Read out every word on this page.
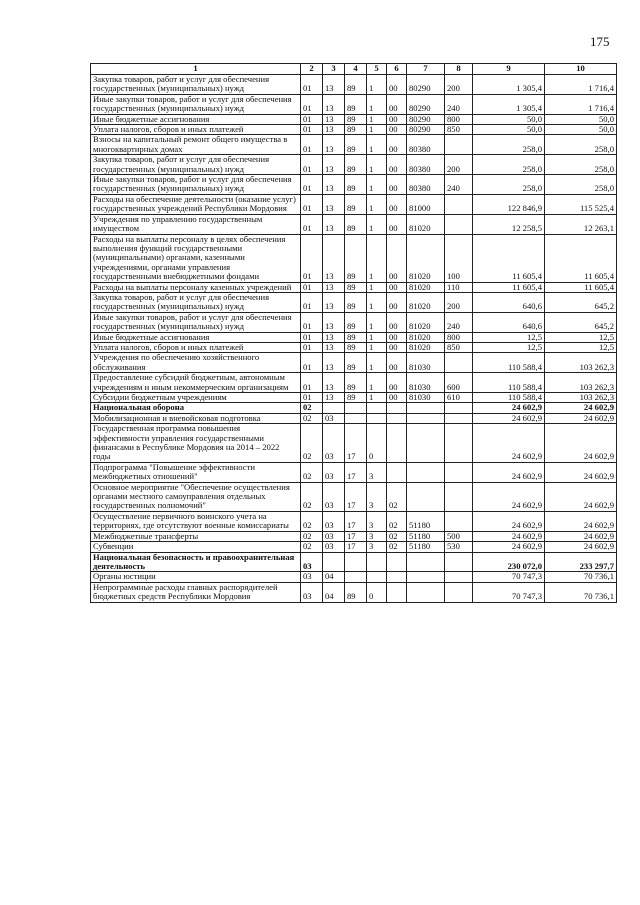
175
1	2	3	4	5	6	7	8	9	10
Закупка товаров, работ и услуг для обеспечения государственных (муниципальных) нужд	01	13	89	1	00	80290	200	1 305,4	1 716,4
Иные закупки товаров, работ и услуг для обеспечения государственных (муниципальных) нужд	01	13	89	1	00	80290	240	1 305,4	1 716,4
Иные бюджетные ассигнования	01	13	89	1	00	80290	800	50,0	50,0
Уплата налогов, сборов и иных платежей	01	13	89	1	00	80290	850	50,0	50,0
Взносы на капитальный ремонт общего имущества в многоквартирных домах	01	13	89	1	00	80380		258,0	258,0
Закупка товаров, работ и услуг для обеспечения государственных (муниципальных) нужд	01	13	89	1	00	80380	200	258,0	258,0
Иные закупки товаров, работ и услуг для обеспечения государственных (муниципальных) нужд	01	13	89	1	00	80380	240	258,0	258,0
Расходы на обеспечение деятельности (оказание услуг) государственных учреждений Республики Мордовия	01	13	89	1	00	81000		122 846,9	115 525,4
Учреждения по управлению государственным имуществом	01	13	89	1	00	81020		12 258,5	12 263,1
Расходы на выплаты персоналу в целях обеспечения выполнения функций государственными (муниципальными) органами, казенными учреждениями, органами управления государственными внебюджетными фондами	01	13	89	1	00	81020	100	11 605,4	11 605,4
Расходы на выплаты персоналу казенных учреждений	01	13	89	1	00	81020	110	11 605,4	11 605,4
Закупка товаров, работ и услуг для обеспечения государственных (муниципальных) нужд	01	13	89	1	00	81020	200	640,6	645,2
Иные закупки товаров, работ и услуг для обеспечения государственных (муниципальных) нужд	01	13	89	1	00	81020	240	640,6	645,2
Иные бюджетные ассигнования	01	13	89	1	00	81020	800	12,5	12,5
Уплата налогов, сборов и иных платежей	01	13	89	1	00	81020	850	12,5	12,5
Учреждения по обеспечению хозяйственного обслуживания	01	13	89	1	00	81030		110 588,4	103 262,3
Предоставление субсидий бюджетным, автономным учреждениям и иным некоммерческим организациям	01	13	89	1	00	81030	600	110 588,4	103 262,3
Субсидии бюджетным учреждениям	01	13	89	1	00	81030	610	110 588,4	103 262,3
Национальная оборона	02							24 602,9	24 602,9
Мобилизационная и вневойсковая подготовка	02	03						24 602,9	24 602,9
Государственная программа повышения эффективности управления государственными финансами в Республике Мордовия на 2014 – 2022 годы	02	03	17	0				24 602,9	24 602,9
Подпрограмма "Повышение эффективности межбюджетных отношений"	02	03	17	3				24 602,9	24 602,9
Основное мероприятие "Обеспечение осуществления органами местного самоуправления отдельных государственных полномочий"	02	03	17	3	02			24 602,9	24 602,9
Осуществление первичного воинского учета на территориях, где отсутствуют военные комиссариаты	02	03	17	3	02	51180		24 602,9	24 602,9
Межбюджетные трансферты	02	03	17	3	02	51180	500	24 602,9	24 602,9
Субвенции	02	03	17	3	02	51180	530	24 602,9	24 602,9
Национальная безопасность и правоохранительная деятельность	03							230 072,0	233 297,7
Органы юстиции	03	04						70 747,3	70 736,1
Непрограммные расходы главных распорядителей бюджетных средств Республики Мордовия	03	04	89	0				70 747,3	70 736,1
